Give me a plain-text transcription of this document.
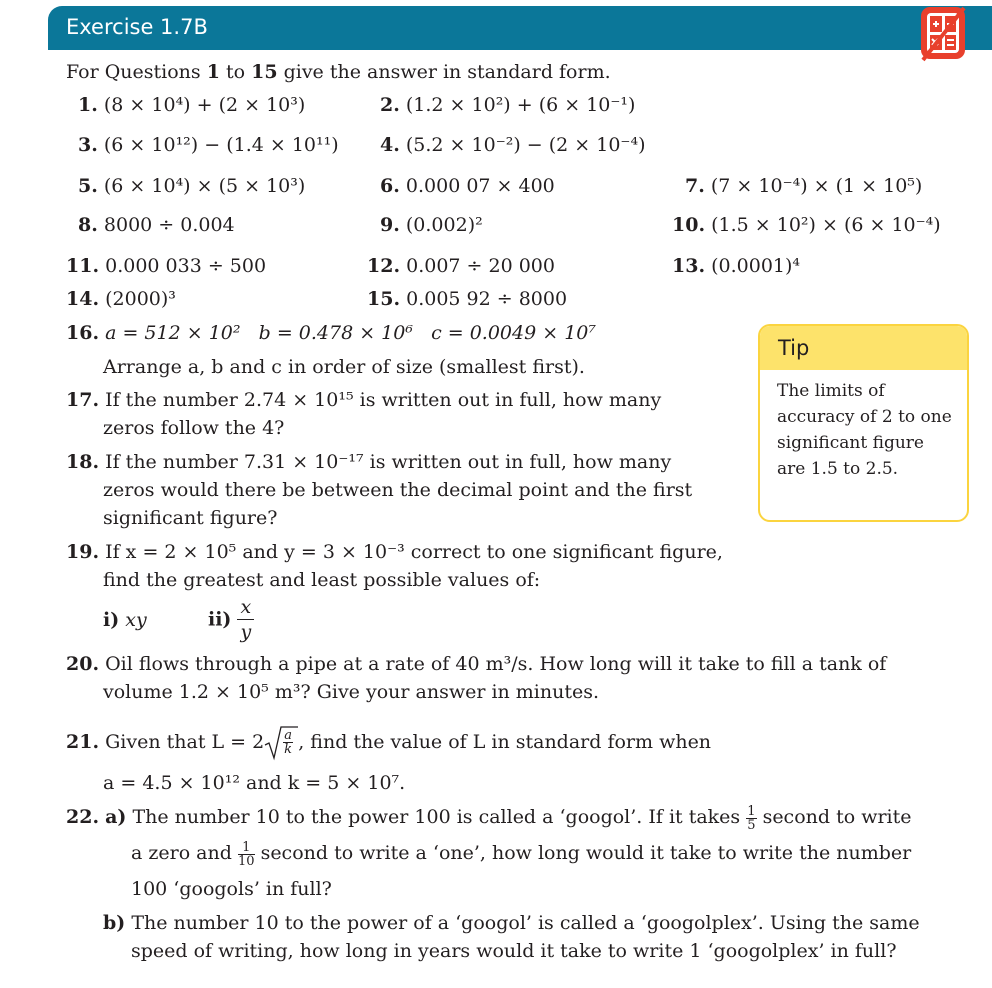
Exercise 1.7B
For Questions 1 to 15 give the answer in standard form.
1. (8 × 10⁴) + (2 × 10³)	2. (1.2 × 10²) + (6 × 10⁻¹)
3. (6 × 10¹²) − (1.4 × 10¹¹) 4. (5.2 × 10⁻²) − (2 × 10⁻⁴)
5. (6 × 10⁴) × (5 × 10³)	6. 0.000 07 × 400	7. (7 × 10⁻⁴) × (1 × 10⁵)
8. 8000 ÷ 0.004	9. (0.002)²	10. (1.5 × 10²) × (6 × 10⁻⁴)
11. 0.000 033 ÷ 500	12. 0.007 ÷ 20 000	13. (0.0001)⁴
14. (2000)³	15. 0.005 92 ÷ 8000
16. a = 512 × 10²   b = 0.478 × 10⁶   c = 0.0049 × 10⁷
Arrange a, b and c in order of size (smallest first).
17. If the number 2.74 × 10¹⁵ is written out in full, how many
zeros follow the 4?
18. If the number 7.31 × 10⁻¹⁷ is written out in full, how many
zeros would there be between the decimal point and the first
significant figure?
19. If x = 2 × 10⁵ and y = 3 × 10⁻³ correct to one significant figure,
find the greatest and least possible values of:
i) xy	$ii) \frac{x}{y}$
20. Oil flows through a pipe at a rate of 40 m³/s. How long will it take to fill a tank of
volume 1.2 × 10⁵ m³? Give your answer in minutes.
21. Given that $L = 2 \frac{a}{k}$ , find the value of L in standard form when
a = 4.5 × 10¹² and k = 5 × 10⁷.
22. a) The number 10 to the power 100 is called a ‘googol’. If it takes $\frac{1}{5}$ second to write
a zero and $\frac{1}{10}$ second to write a ‘one’, how long would it take to write the number
100 ‘googols’ in full?
b) The number 10 to the power of a ‘googol’ is called a ‘googolplex’. Using the same
speed of writing, how long in years would it take to write 1 ‘googolplex’ in full?
Tip
The limits of accuracy of 2 to one significant figure are 1.5 to 2.5.
